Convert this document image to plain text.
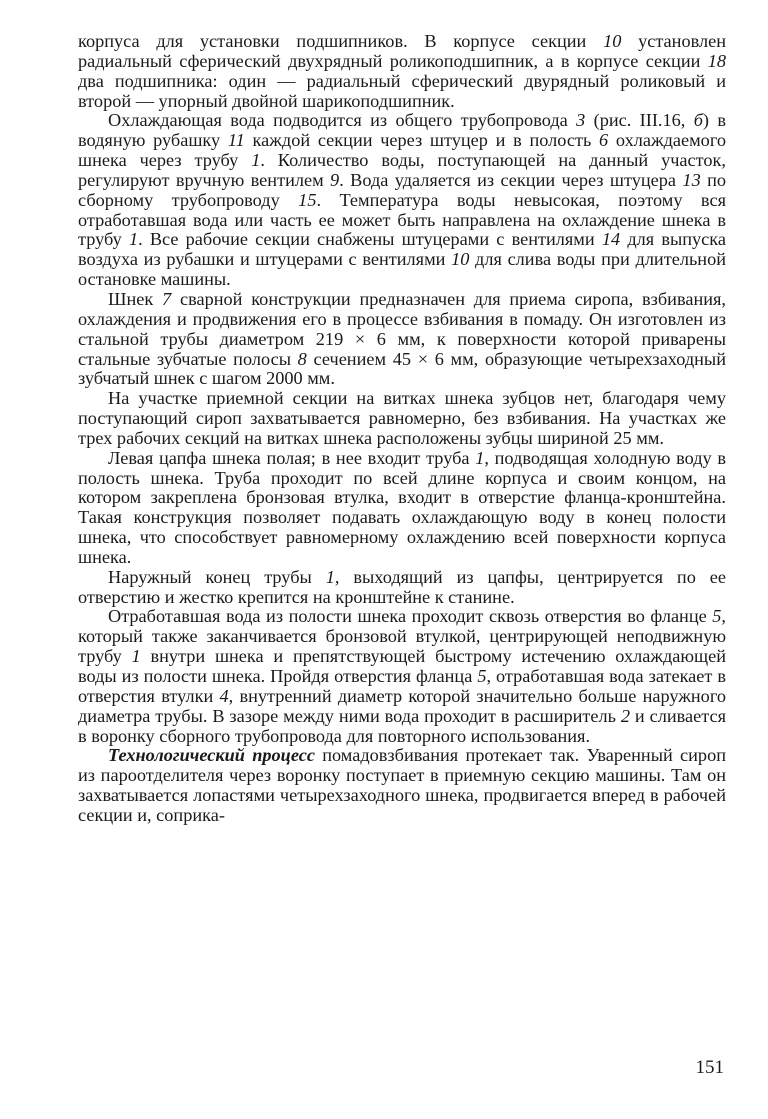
корпуса для установки подшипников. В корпусе секции 10 установлен радиальный сферический двухрядный роликоподшипник, а в корпусе секции 18 два подшипника: один — радиальный сферический двурядный роликовый и второй — упорный двойной шарикоподшипник.

Охлаждающая вода подводится из общего трубопровода 3 (рис. III.16, б) в водяную рубашку 11 каждой секции через штуцер и в полость 6 охлаждаемого шнека через трубу 1. Количество воды, поступающей на данный участок, регулируют вручную вентилем 9. Вода удаляется из секции через штуцера 13 по сборному трубопроводу 15. Температура воды невысокая, поэтому вся отработавшая вода или часть ее может быть направлена на охлаждение шнека в трубу 1. Все рабочие секции снабжены штуцерами с вентилями 14 для выпуска воздуха из рубашки и штуцерами с вентилями 10 для слива воды при длительной остановке машины.

Шнек 7 сварной конструкции предназначен для приема сиропа, взбивания, охлаждения и продвижения его в процессе взбивания в помаду. Он изготовлен из стальной трубы диаметром 219 × 6 мм, к поверхности которой приварены стальные зубчатые полосы 8 сечением 45 × 6 мм, образующие четырехзаходный зубчатый шнек с шагом 2000 мм.

На участке приемной секции на витках шнека зубцов нет, благодаря чему поступающий сироп захватывается равномерно, без взбивания. На участках же трех рабочих секций на витках шнека расположены зубцы шириной 25 мм.

Левая цапфа шнека полая; в нее входит труба 1, подводящая холодную воду в полость шнека. Труба проходит по всей длине корпуса и своим концом, на котором закреплена бронзовая втулка, входит в отверстие фланца-кронштейна. Такая конструкция позволяет подавать охлаждающую воду в конец полости шнека, что способствует равномерному охлаждению всей поверхности корпуса шнека.

Наружный конец трубы 1, выходящий из цапфы, центрируется по ее отверстию и жестко крепится на кронштейне к станине.

Отработавшая вода из полости шнека проходит сквозь отверстия во фланце 5, который также заканчивается бронзовой втулкой, центрирующей неподвижную трубу 1 внутри шнека и препятствующей быстрому истечению охлаждающей воды из полости шнека. Пройдя отверстия фланца 5, отработавшая вода затекает в отверстия втулки 4, внутренний диаметр которой значительно больше наружного диаметра трубы. В зазоре между ними вода проходит в расширитель 2 и сливается в воронку сборного трубопровода для повторного использования.

Технологический процесс помадовзбивания протекает так. Уваренный сироп из пароотделителя через воронку поступает в приемную секцию машины. Там он захватывается лопастями четырехзаходного шнека, продвигается вперед в рабочей секции и, соприка-

151
